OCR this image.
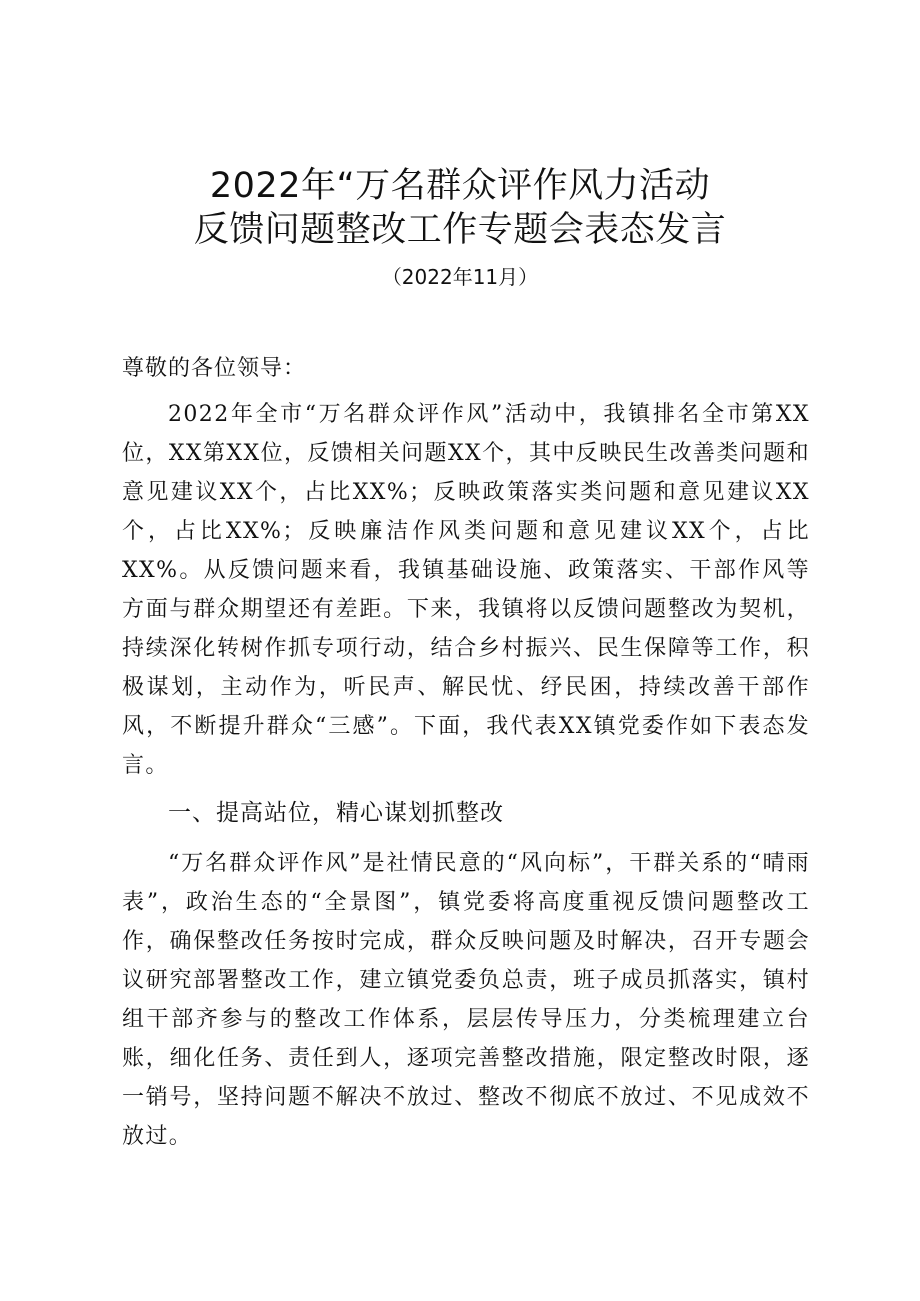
2022年“万名群众评作风力活动
反馈问题整改工作专题会表态发言
（2022年11月）
尊敬的各位领导：

2022年全市“万名群众评作风”活动中，我镇排名全市第XX位，XX第XX位，反馈相关问题XX个，其中反映民生改善类问题和意见建议XX个，占比XX%；反映政策落实类问题和意见建议XX个，占比XX%；反映廉洁作风类问题和意见建议XX个，占比XX%。从反馈问题来看，我镇基础设施、政策落实、干部作风等方面与群众期望还有差距。下来，我镇将以反馈问题整改为契机，持续深化转树作抓专项行动，结合乡村振兴、民生保障等工作，积极谋划，主动作为，听民声、解民忧、纾民困，持续改善干部作风，不断提升群众“三感”。下面，我代表XX镇党委作如下表态发言。

一、提高站位，精心谋划抓整改

“万名群众评作风”是社情民意的“风向标”，干群关系的“晴雨表”，政治生态的“全景图”，镇党委将高度重视反馈问题整改工作，确保整改任务按时完成，群众反映问题及时解决，召开专题会议研究部署整改工作，建立镇党委负总责，班子成员抓落实，镇村组干部齐参与的整改工作体系，层层传导压力，分类梳理建立台账，细化任务、责任到人，逐项完善整改措施，限定整改时限，逐一销号，坚持问题不解决不放过、整改不彻底不放过、不见成效不放过。
